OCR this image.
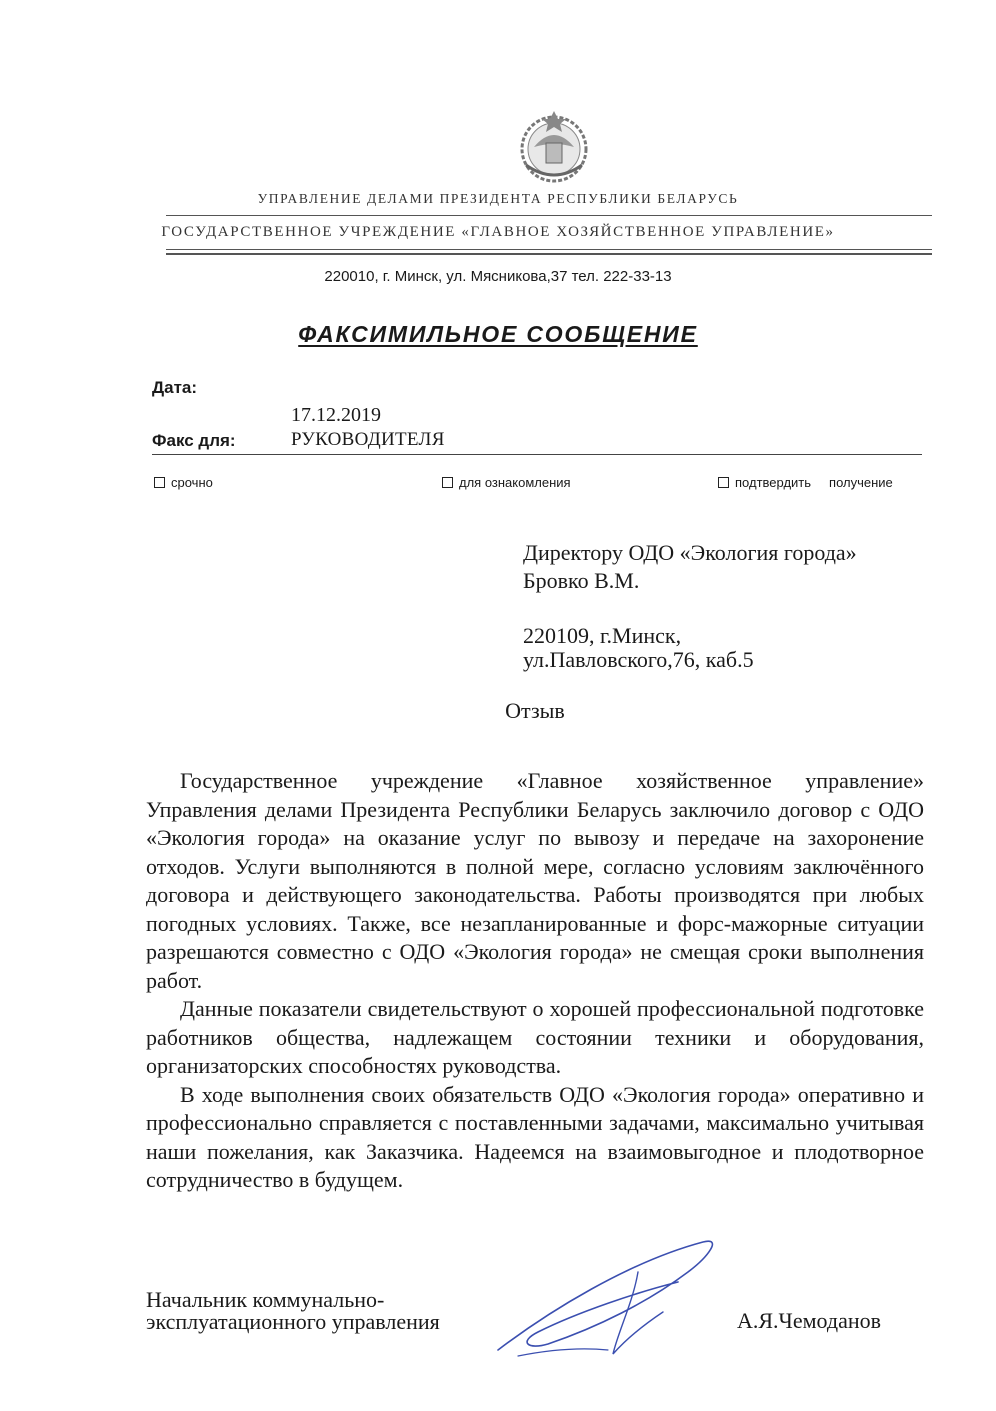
УПРАВЛЕНИЕ ДЕЛАМИ ПРЕЗИДЕНТА РЕСПУБЛИКИ БЕЛАРУСЬ
ГОСУДАРСТВЕННОЕ УЧРЕЖДЕНИЕ «ГЛАВНОЕ ХОЗЯЙСТВЕННОЕ УПРАВЛЕНИЕ»
220010, г. Минск, ул. Мясникова,37 тел. 222-33-13
ФАКСИМИЛЬНОЕ СООБЩЕНИЕ
Дата:
17.12.2019
Факс для:	РУКОВОДИТЕЛЯ
срочно	для ознакомления	подтвердить получение
Директору ОДО «Экология города»
Бровко В.М.
220109, г.Минск,
ул.Павловского,76, каб.5
Отзыв

Государственное учреждение «Главное хозяйственное управление» Управления делами Президента Республики Беларусь заключило договор с ОДО «Экология города» на оказание услуг по вывозу и передаче на захоронение отходов. Услуги выполняются в полной мере, согласно условиям заключённого договора и действующего законодательства. Работы производятся при любых погодных условиях. Также, все незапланированные и форс-мажорные ситуации разрешаются совместно с ОДО «Экология города» не смещая сроки выполнения работ.

Данные показатели свидетельствуют о хорошей профессиональной подготовке работников общества, надлежащем состоянии техники и оборудования, организаторских способностях руководства.

В ходе выполнения своих обязательств ОДО «Экология города» оперативно и профессионально справляется с поставленными задачами, максимально учитывая наши пожелания, как Заказчика. Надеемся на взаимовыгодное и плодотворное сотрудничество в будущем.

Начальник коммунально-
эксплуатационного управления	А.Я.Чемоданов
